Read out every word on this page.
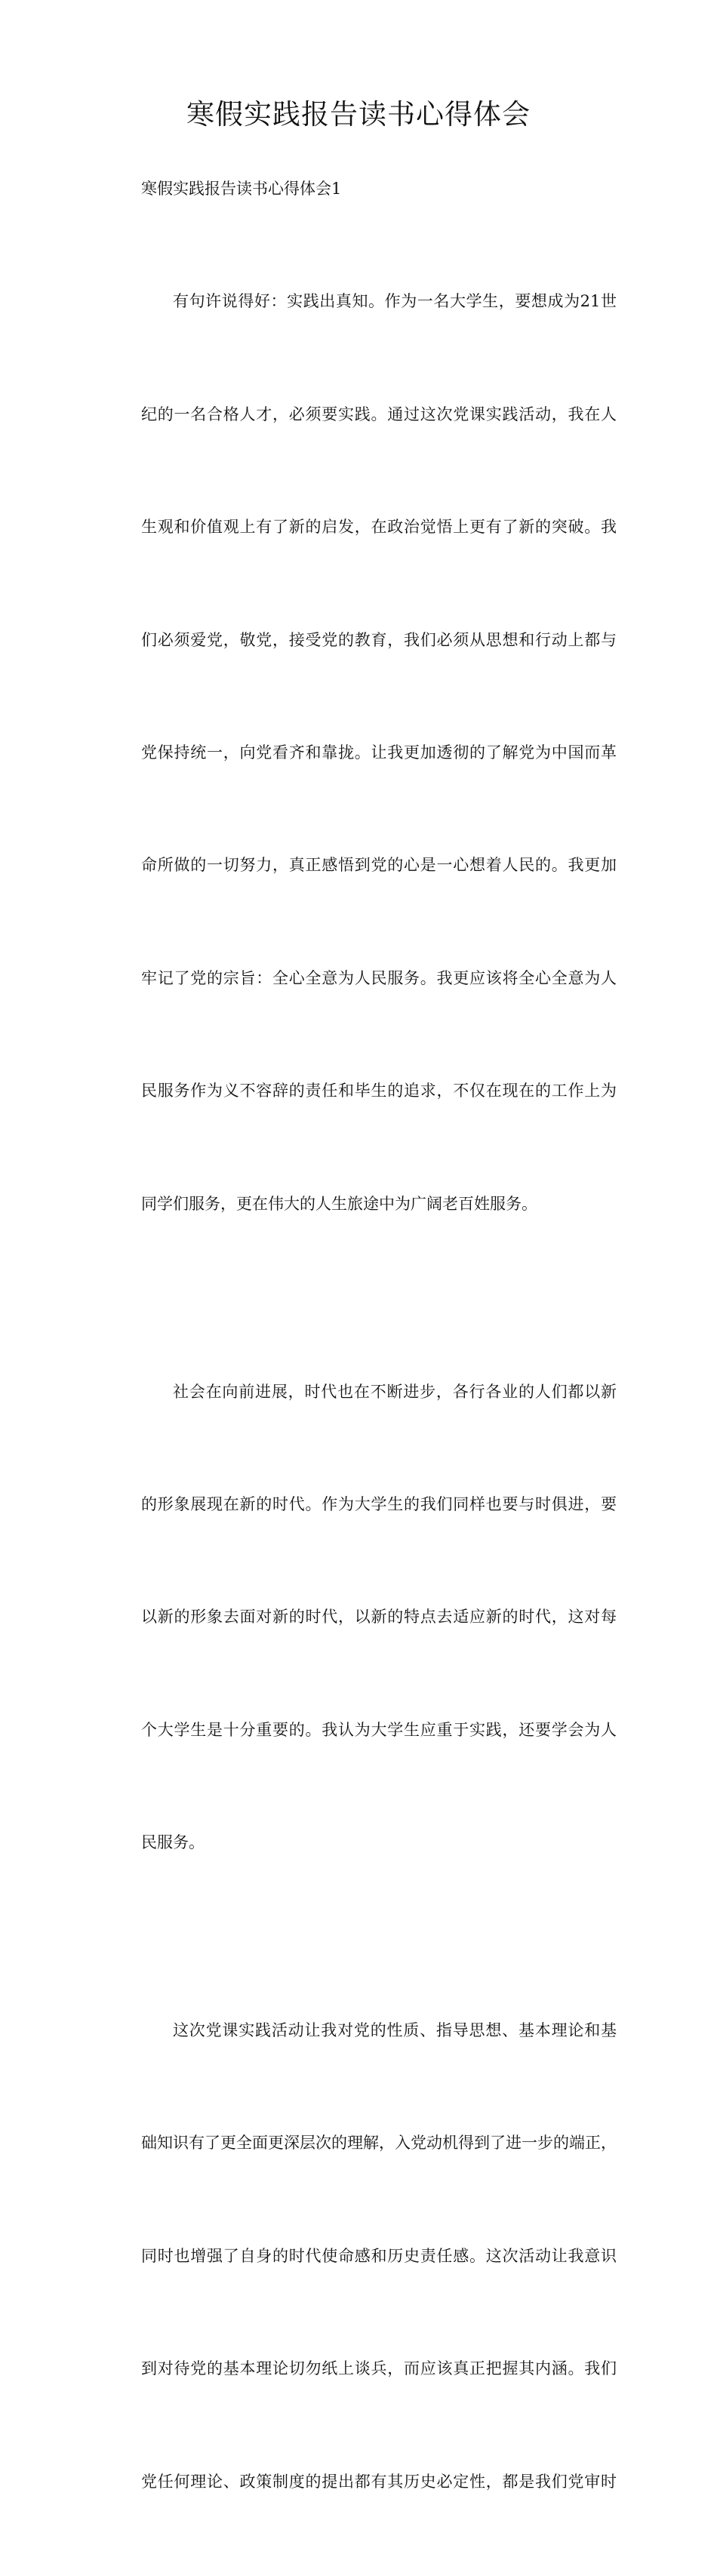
寒假实践报告读书心得体会

寒假实践报告读书心得体会1

有句许说得好：实践出真知。作为一名大学生，要想成为21世

纪的一名合格人才，必须要实践。通过这次党课实践活动，我在人

生观和价值观上有了新的启发，在政治觉悟上更有了新的突破。我

们必须爱党，敬党，接受党的教育，我们必须从思想和行动上都与

党保持统一，向党看齐和靠拢。让我更加透彻的了解党为中国而革

命所做的一切努力，真正感悟到党的心是一心想着人民的。我更加

牢记了党的宗旨：全心全意为人民服务。我更应该将全心全意为人

民服务作为义不容辞的责任和毕生的追求，不仅在现在的工作上为

同学们服务，更在伟大的人生旅途中为广阔老百姓服务。

社会在向前进展，时代也在不断进步，各行各业的人们都以新

的形象展现在新的时代。作为大学生的我们同样也要与时俱进，要

以新的形象去面对新的时代，以新的特点去适应新的时代，这对每

个大学生是十分重要的。我认为大学生应重于实践，还要学会为人

民服务。

这次党课实践活动让我对党的性质、指导思想、基本理论和基

础知识有了更全面更深层次的理解，入党动机得到了进一步的端正，

同时也增强了自身的时代使命感和历史责任感。这次活动让我意识

到对待党的基本理论切勿纸上谈兵，而应该真正把握其内涵。我们

党任何理论、政策制度的提出都有其历史必定性，都是我们党审时
